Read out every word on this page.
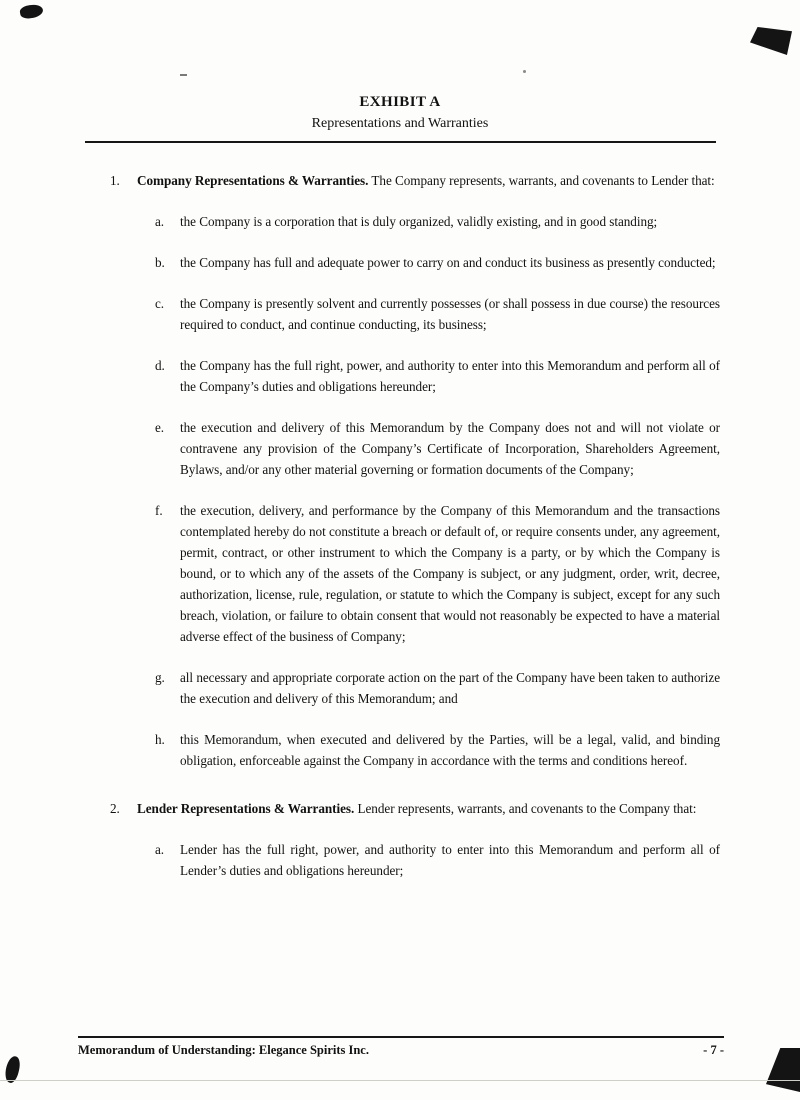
EXHIBIT A
Representations and Warranties
1.	Company Representations & Warranties. The Company represents, warrants, and covenants to Lender that:

a.	the Company is a corporation that is duly organized, validly existing, and in good standing;

b.	the Company has full and adequate power to carry on and conduct its business as presently conducted;

c.	the Company is presently solvent and currently possesses (or shall possess in due course) the resources required to conduct, and continue conducting, its business;

d.	the Company has the full right, power, and authority to enter into this Memorandum and perform all of the Company’s duties and obligations hereunder;

e.	the execution and delivery of this Memorandum by the Company does not and will not violate or contravene any provision of the Company’s Certificate of Incorporation, Shareholders Agreement, Bylaws, and/or any other material governing or formation documents of the Company;

f.	the execution, delivery, and performance by the Company of this Memorandum and the transactions contemplated hereby do not constitute a breach or default of, or require consents under, any agreement, permit, contract, or other instrument to which the Company is a party, or by which the Company is bound, or to which any of the assets of the Company is subject, or any judgment, order, writ, decree, authorization, license, rule, regulation, or statute to which the Company is subject, except for any such breach, violation, or failure to obtain consent that would not reasonably be expected to have a material adverse effect of the business of Company;

g.	all necessary and appropriate corporate action on the part of the Company have been taken to authorize the execution and delivery of this Memorandum; and

h.	this Memorandum, when executed and delivered by the Parties, will be a legal, valid, and binding obligation, enforceable against the Company in accordance with the terms and conditions hereof.

2.	Lender Representations & Warranties. Lender represents, warrants, and covenants to the Company that:

a.	Lender has the full right, power, and authority to enter into this Memorandum and perform all of Lender’s duties and obligations hereunder;

Memorandum of Understanding: Elegance Spirits Inc.	- 7 -
